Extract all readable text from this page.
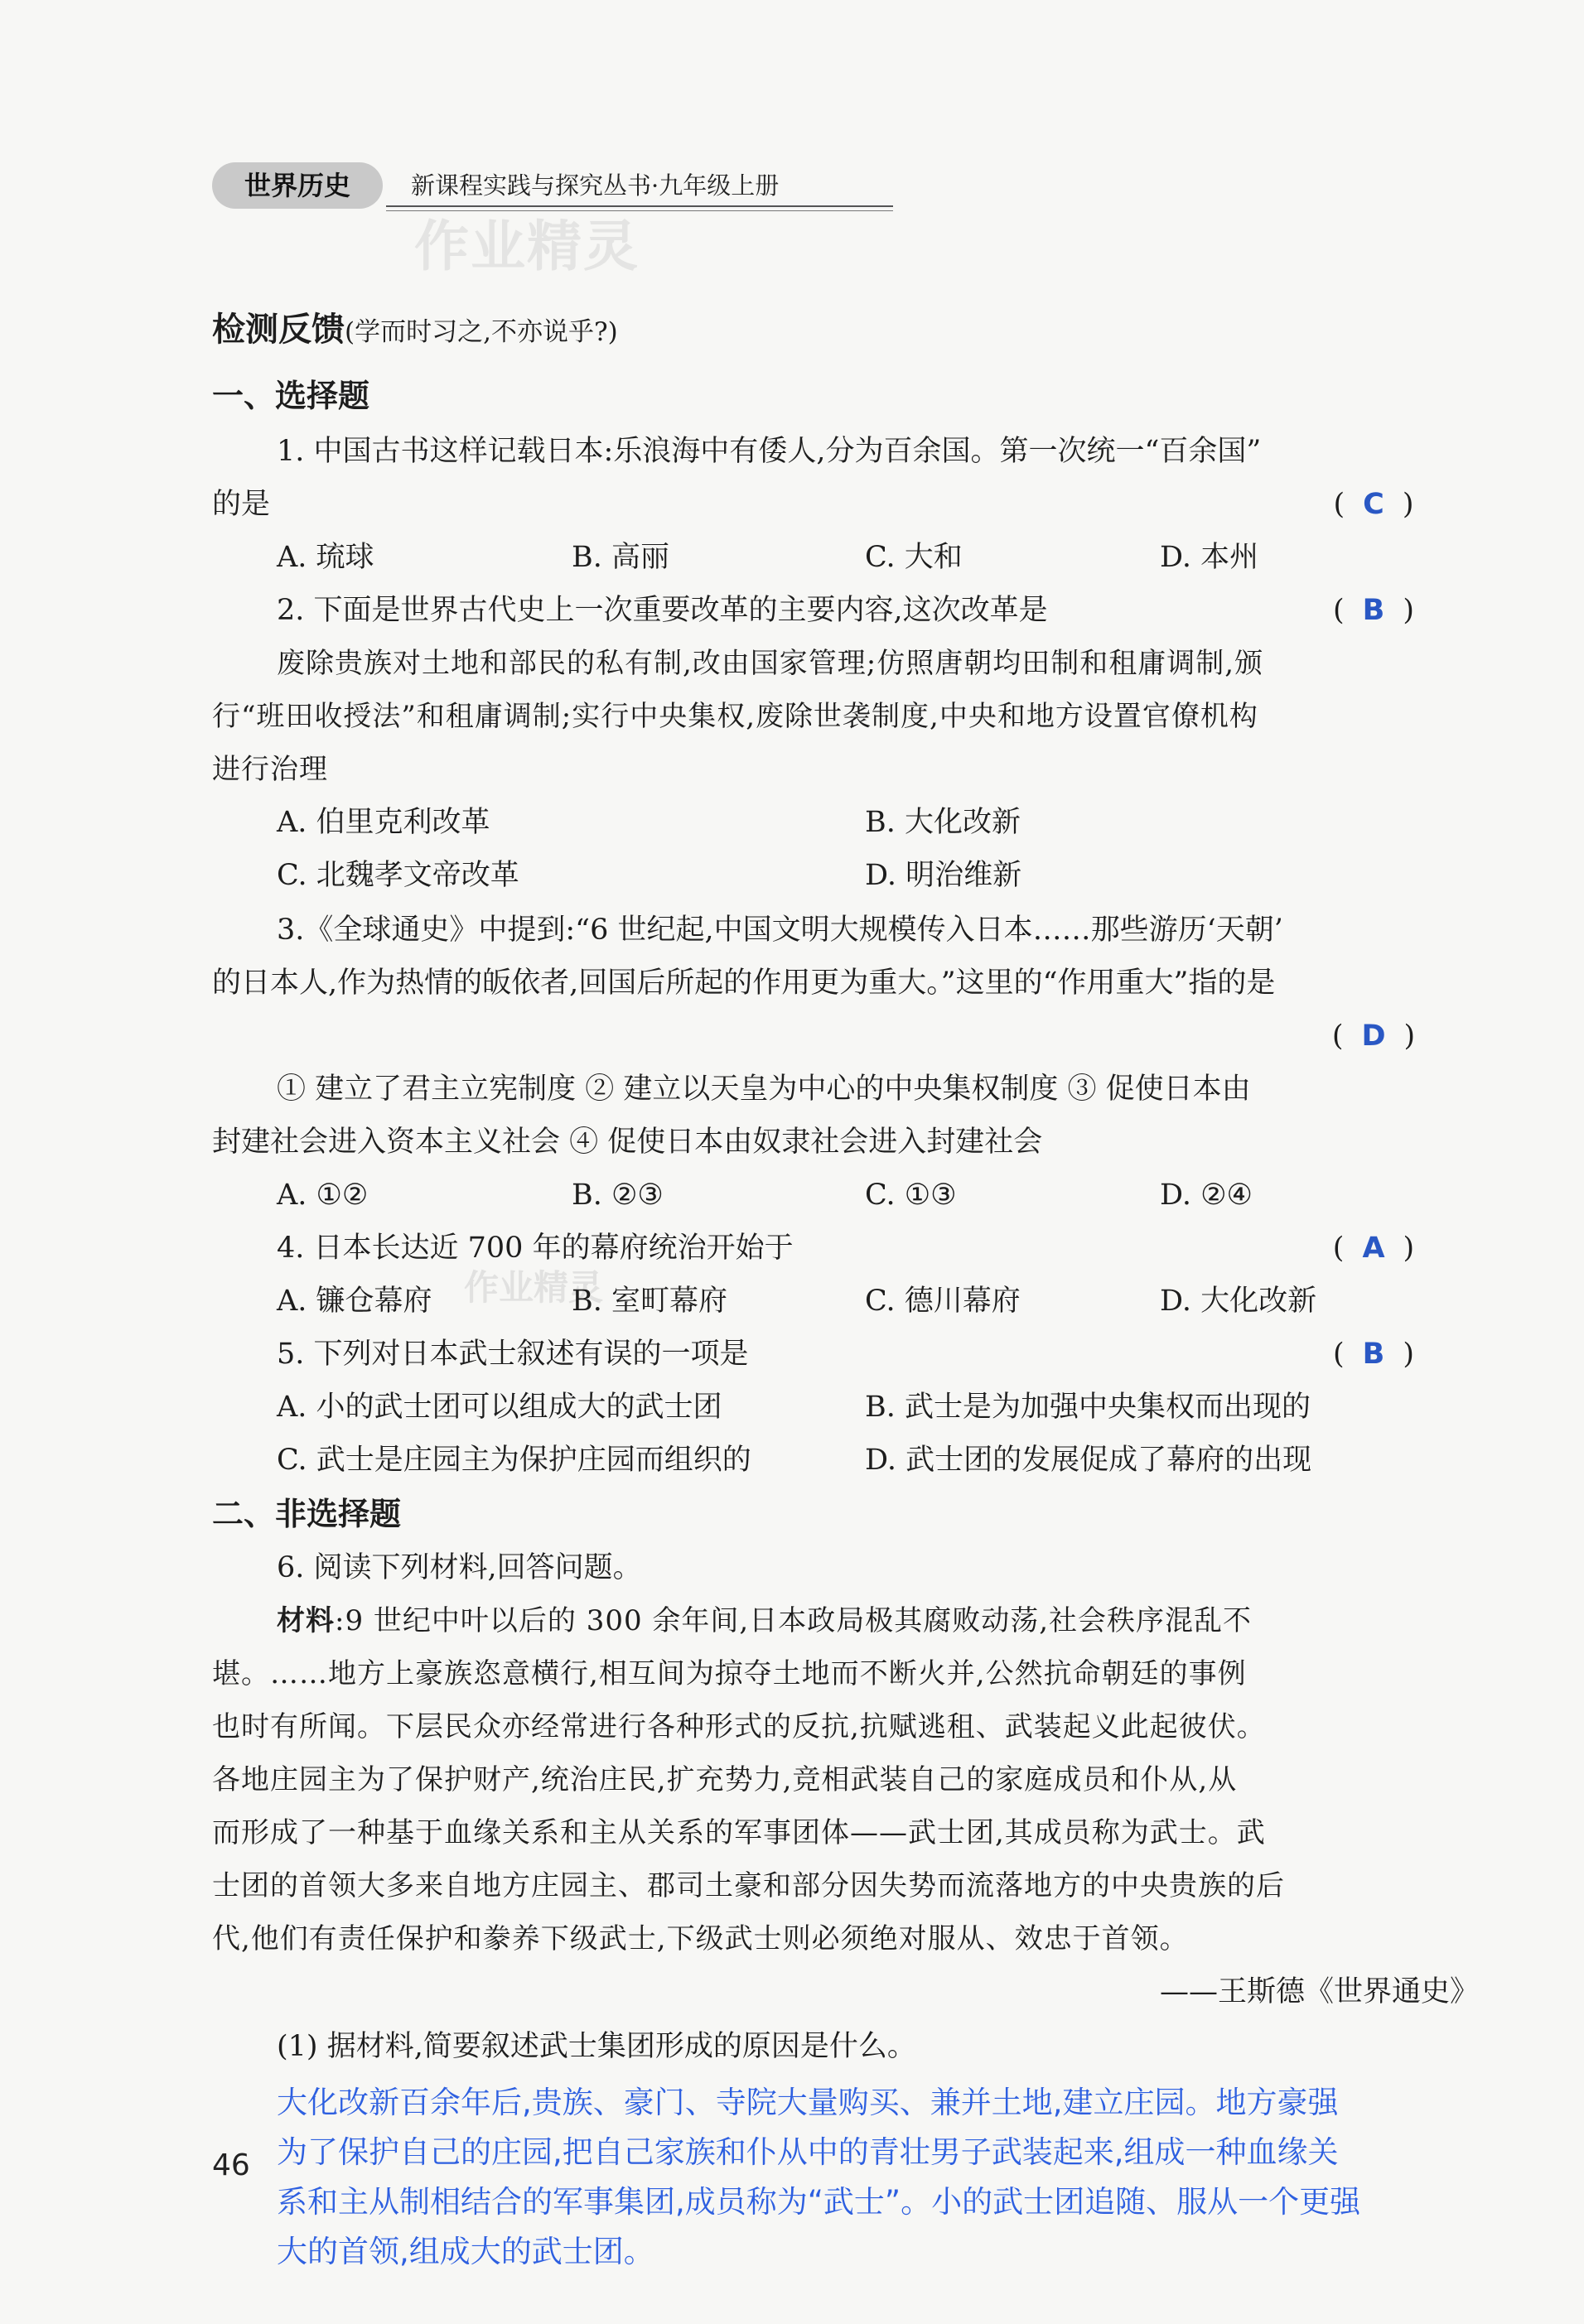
世界历史	新课程实践与探究丛书·九年级上册
作业精灵
检测反馈(学而时习之,不亦说乎?)
一、选择题
1. 中国古书这样记载日本:乐浪海中有倭人,分为百余国。第一次统一“百余国”
的是	( C )
A. 琉球	B. 高丽	C. 大和	D. 本州
2. 下面是世界古代史上一次重要改革的主要内容,这次改革是	( B )
废除贵族对土地和部民的私有制,改由国家管理;仿照唐朝均田制和租庸调制,颁
行“班田收授法”和租庸调制;实行中央集权,废除世袭制度,中央和地方设置官僚机构
进行治理
A. 伯里克利改革	B. 大化改新
C. 北魏孝文帝改革	D. 明治维新
3.《全球通史》中提到:“6 世纪起,中国文明大规模传入日本……那些游历‘天朝’
的日本人,作为热情的皈依者,回国后所起的作用更为重大。”这里的“作用重大”指的是
( D )
① 建立了君主立宪制度 ② 建立以天皇为中心的中央集权制度 ③ 促使日本由
封建社会进入资本主义社会 ④ 促使日本由奴隶社会进入封建社会
A. ①②	B. ②③	C. ①③	D. ②④
4. 日本长达近 700 年的幕府统治开始于	( A )
作业精灵
A. 镰仓幕府	B. 室町幕府	C. 德川幕府	D. 大化改新
5. 下列对日本武士叙述有误的一项是	( B )
A. 小的武士团可以组成大的武士团	B. 武士是为加强中央集权而出现的
C. 武士是庄园主为保护庄园而组织的	D. 武士团的发展促成了幕府的出现
二、非选择题
6. 阅读下列材料,回答问题。
材料:9 世纪中叶以后的 300 余年间,日本政局极其腐败动荡,社会秩序混乱不
堪。……地方上豪族恣意横行,相互间为掠夺土地而不断火并,公然抗命朝廷的事例
也时有所闻。下层民众亦经常进行各种形式的反抗,抗赋逃租、武装起义此起彼伏。
各地庄园主为了保护财产,统治庄民,扩充势力,竞相武装自己的家庭成员和仆从,从
而形成了一种基于血缘关系和主从关系的军事团体——武士团,其成员称为武士。武
士团的首领大多来自地方庄园主、郡司土豪和部分因失势而流落地方的中央贵族的后
代,他们有责任保护和豢养下级武士,下级武士则必须绝对服从、效忠于首领。
——王斯德《世界通史》
(1) 据材料,简要叙述武士集团形成的原因是什么。
大化改新百余年后,贵族、豪门、寺院大量购买、兼并土地,建立庄园。地方豪强
为了保护自己的庄园,把自己家族和仆从中的青壮男子武装起来,组成一种血缘关
系和主从制相结合的军事集团,成员称为“武士”。小的武士团追随、服从一个更强
大的首领,组成大的武士团。
46
